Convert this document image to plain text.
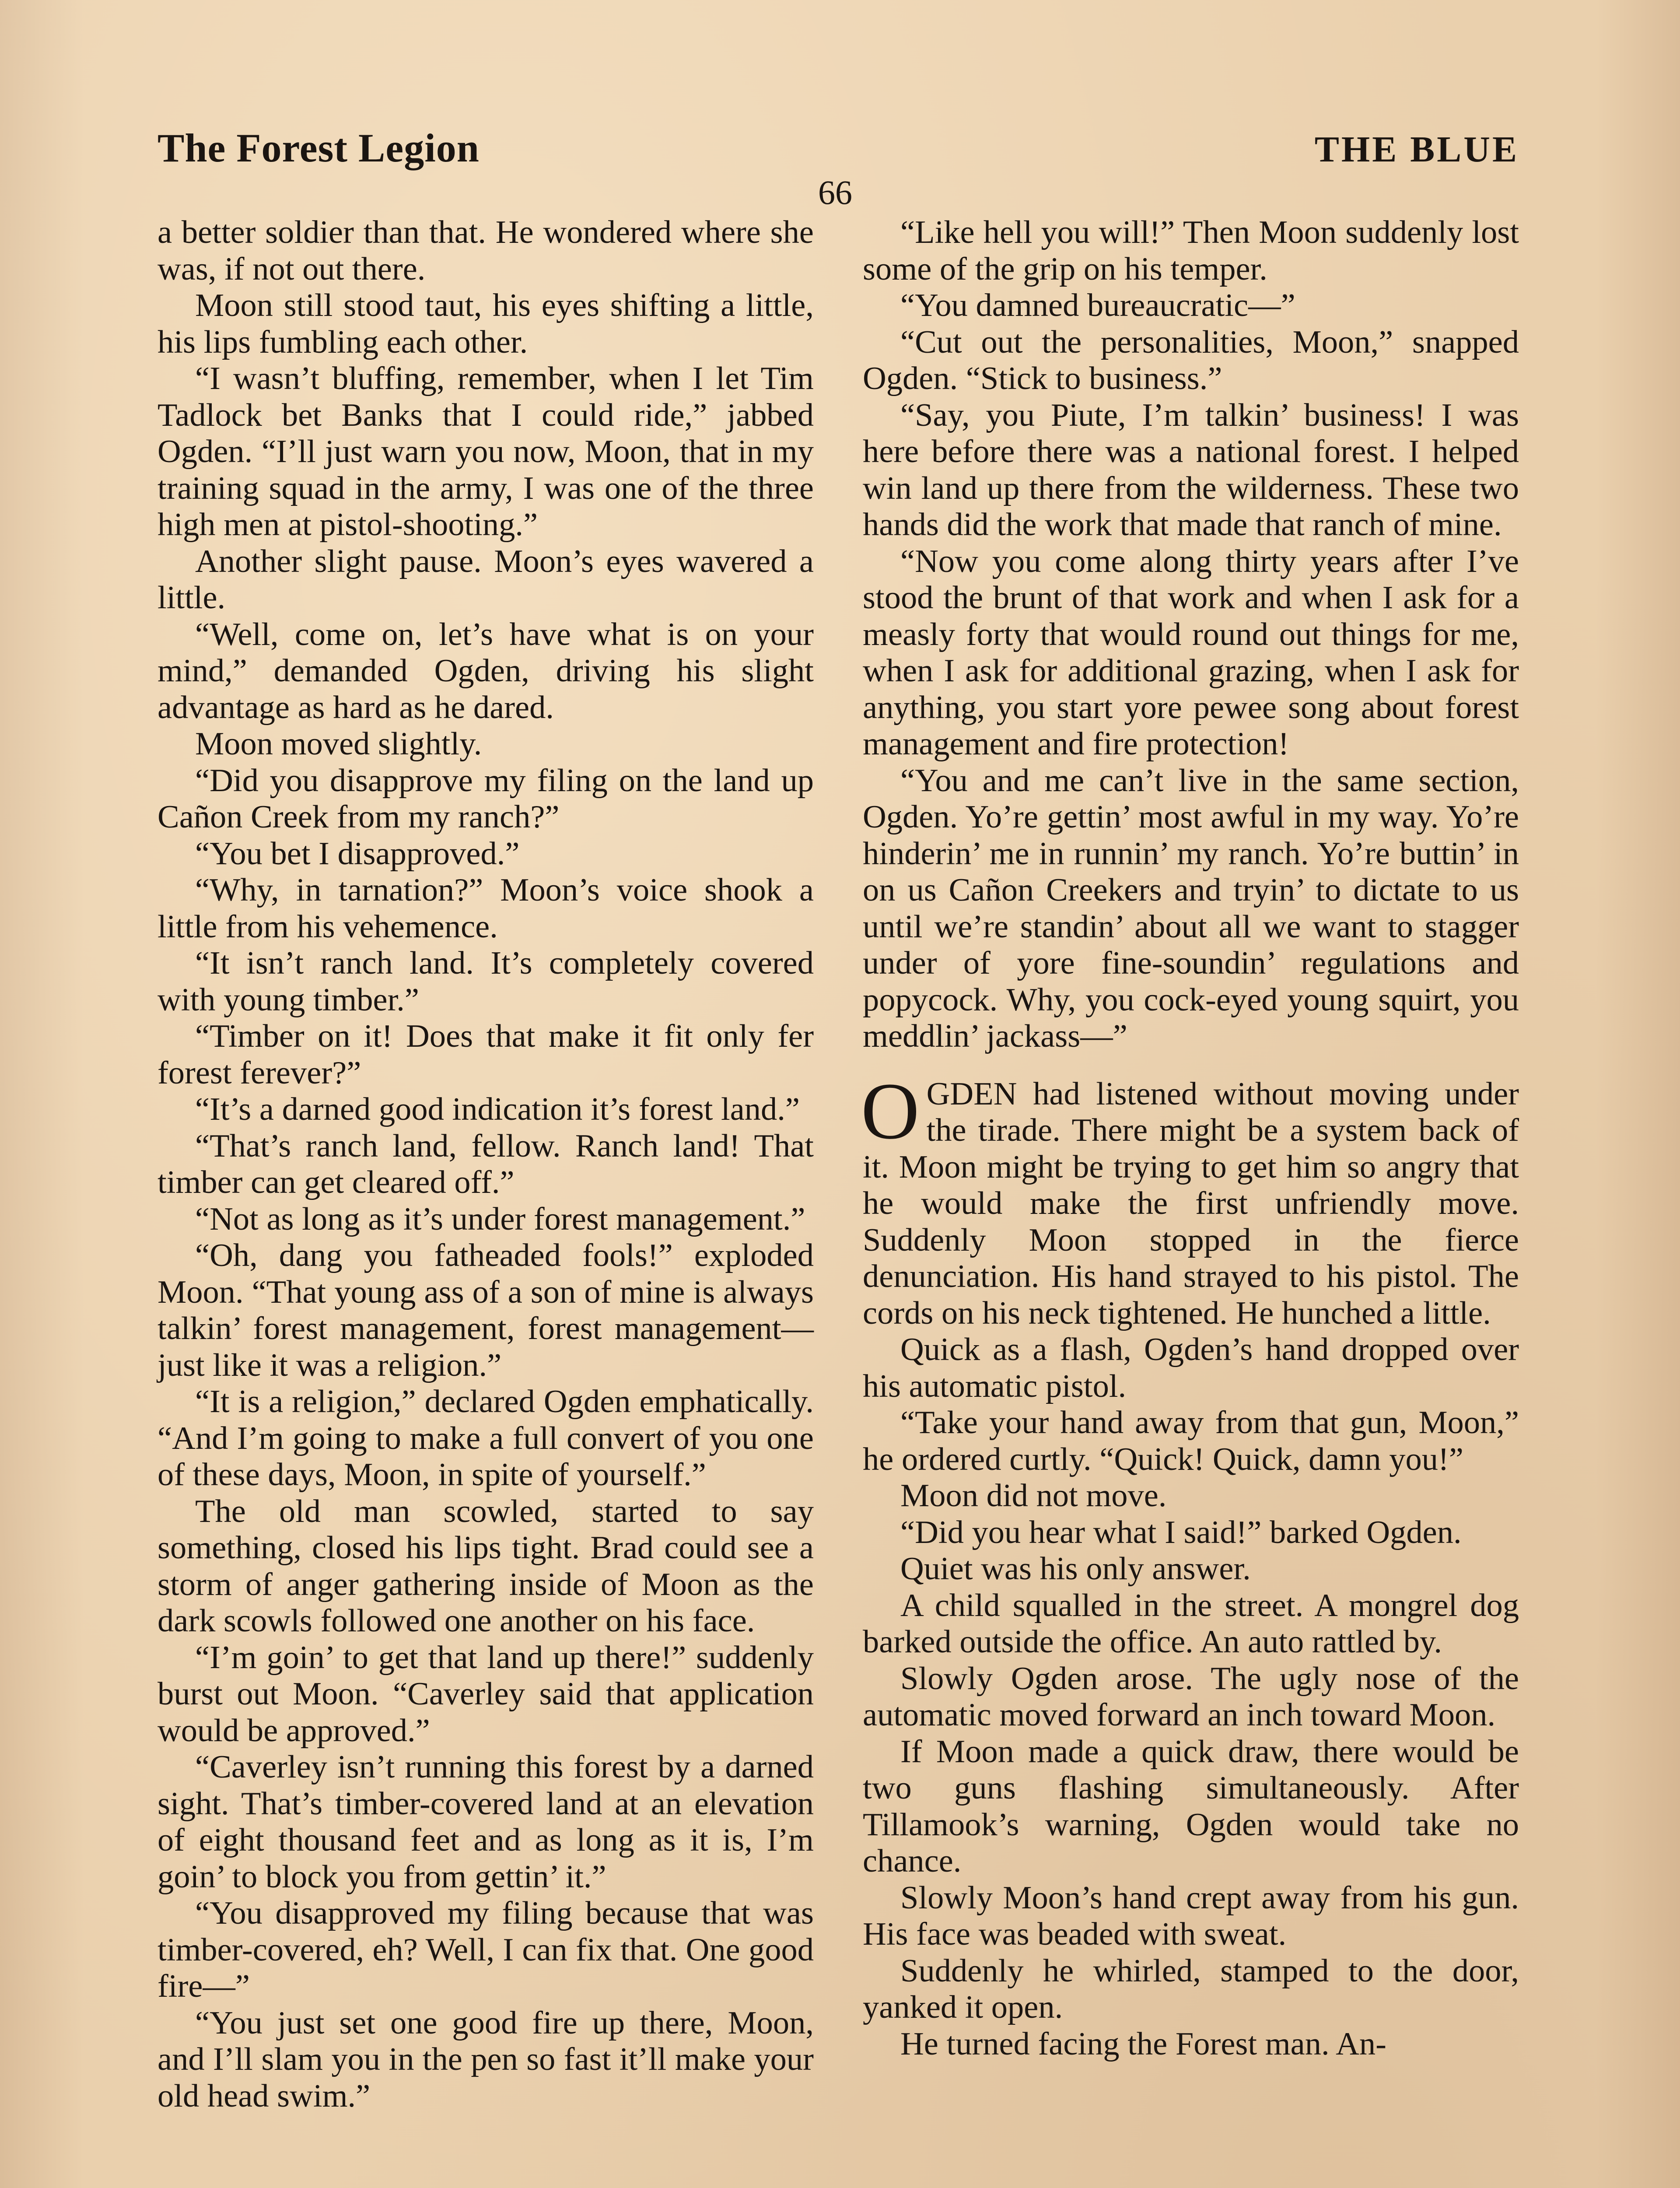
The Forest Legion	THE BLUE
66

a better soldier than that. He wondered where she was, if not out there.

Moon still stood taut, his eyes shifting a little, his lips fumbling each other.

“I wasn’t bluffing, remember, when I let Tim Tadlock bet Banks that I could ride,” jabbed Ogden. “I’ll just warn you now, Moon, that in my training squad in the army, I was one of the three high men at pistol-shooting.”

Another slight pause. Moon’s eyes wavered a little.

“Well, come on, let’s have what is on your mind,” demanded Ogden, driving his slight advantage as hard as he dared.

Moon moved slightly.

“Did you disapprove my filing on the land up Cañon Creek from my ranch?”

“You bet I disapproved.”

“Why, in tarnation?” Moon’s voice shook a little from his vehemence.

“It isn’t ranch land. It’s completely covered with young timber.”

“Timber on it! Does that make it fit only fer forest ferever?”

“It’s a darned good indication it’s forest land.”

“That’s ranch land, fellow. Ranch land! That timber can get cleared off.”

“Not as long as it’s under forest management.”

“Oh, dang you fatheaded fools!” exploded Moon. “That young ass of a son of mine is always talkin’ forest management, forest management—just like it was a religion.”

“It is a religion,” declared Ogden emphatically. “And I’m going to make a full convert of you one of these days, Moon, in spite of yourself.”

The old man scowled, started to say something, closed his lips tight. Brad could see a storm of anger gathering inside of Moon as the dark scowls followed one another on his face.

“I’m goin’ to get that land up there!” suddenly burst out Moon. “Caverley said that application would be approved.”

“Caverley isn’t running this forest by a darned sight. That’s timber-covered land at an elevation of eight thousand feet and as long as it is, I’m goin’ to block you from gettin’ it.”

“You disapproved my filing because that was timber-covered, eh? Well, I can fix that. One good fire—”

“You just set one good fire up there, Moon, and I’ll slam you in the pen so fast it’ll make your old head swim.”

“Like hell you will!” Then Moon suddenly lost some of the grip on his temper.

“You damned bureaucratic—”

“Cut out the personalities, Moon,” snapped Ogden. “Stick to business.”

“Say, you Piute, I’m talkin’ business! I was here before there was a national forest. I helped win land up there from the wilderness. These two hands did the work that made that ranch of mine.

“Now you come along thirty years after I’ve stood the brunt of that work and when I ask for a measly forty that would round out things for me, when I ask for additional grazing, when I ask for anything, you start yore pewee song about forest management and fire protection!

“You and me can’t live in the same section, Ogden. Yo’re gettin’ most awful in my way. Yo’re hinderin’ me in runnin’ my ranch. Yo’re buttin’ in on us Cañon Creekers and tryin’ to dictate to us until we’re standin’ about all we want to stagger under of yore fine-soundin’ regulations and popycock. Why, you cock-eyed young squirt, you meddlin’ jackass—”

OGDEN had listened without moving under the tirade. There might be a system back of it. Moon might be trying to get him so angry that he would make the first unfriendly move. Suddenly Moon stopped in the fierce denunciation. His hand strayed to his pistol. The cords on his neck tightened. He hunched a little.

Quick as a flash, Ogden’s hand dropped over his automatic pistol.

“Take your hand away from that gun, Moon,” he ordered curtly. “Quick! Quick, damn you!”

Moon did not move.

“Did you hear what I said!” barked Ogden.

Quiet was his only answer.

A child squalled in the street. A mongrel dog barked outside the office. An auto rattled by.

Slowly Ogden arose. The ugly nose of the automatic moved forward an inch toward Moon.

If Moon made a quick draw, there would be two guns flashing simultaneously. After Tillamook’s warning, Ogden would take no chance.

Slowly Moon’s hand crept away from his gun. His face was beaded with sweat.

Suddenly he whirled, stamped to the door, yanked it open.

He turned facing the Forest man. An-
